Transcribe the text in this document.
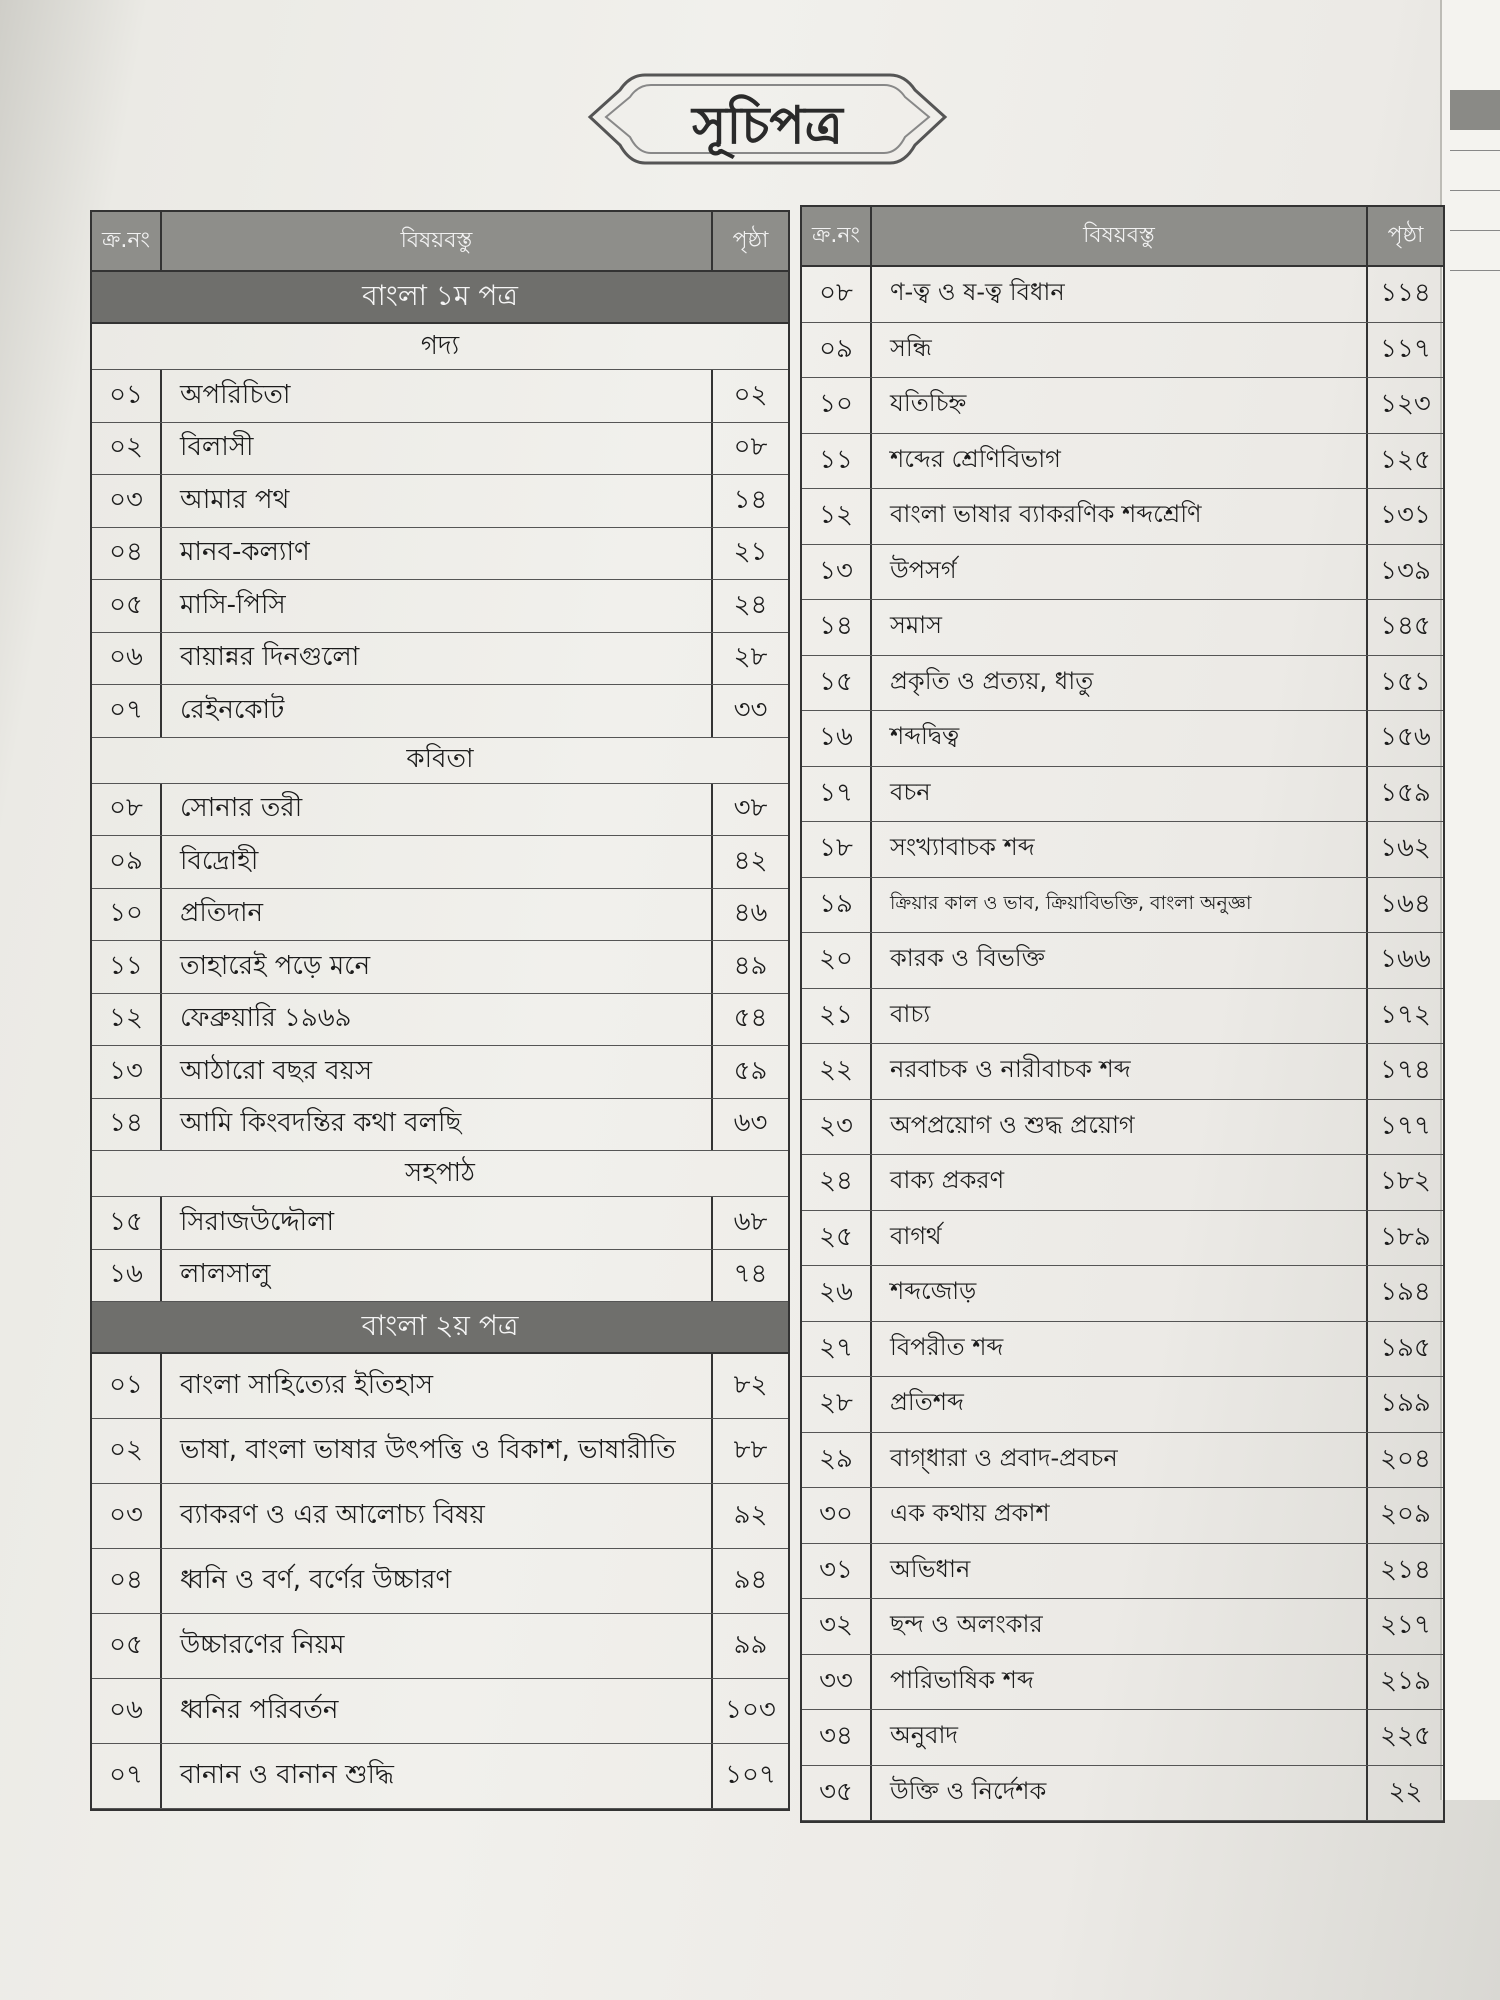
সূচিপত্র
ক্র.নং	বিষয়বস্তু	পৃষ্ঠা
বাংলা ১ম পত্র
গদ্য
০১	অপরিচিতা	০২
০২	বিলাসী	০৮
০৩	আমার পথ	১৪
০৪	মানব-কল্যাণ	২১
০৫	মাসি-পিসি	২৪
০৬	বায়ান্নর দিনগুলো	২৮
০৭	রেইনকোট	৩৩
কবিতা
০৮	সোনার তরী	৩৮
০৯	বিদ্রোহী	৪২
১০	প্রতিদান	৪৬
১১	তাহারেই পড়ে মনে	৪৯
১২	ফেব্রুয়ারি ১৯৬৯	৫৪
১৩	আঠারো বছর বয়স	৫৯
১৪	আমি কিংবদন্তির কথা বলছি	৬৩
সহপাঠ
১৫	সিরাজউদ্দৌলা	৬৮
১৬	লালসালু	৭৪
বাংলা ২য় পত্র
০১	বাংলা সাহিত্যের ইতিহাস	৮২
০২	ভাষা, বাংলা ভাষার উৎপত্তি ও বিকাশ, ভাষারীতি	৮৮
০৩	ব্যাকরণ ও এর আলোচ্য বিষয়	৯২
০৪	ধ্বনি ও বর্ণ, বর্ণের উচ্চারণ	৯৪
০৫	উচ্চারণের নিয়ম	৯৯
০৬	ধ্বনির পরিবর্তন	১০৩
০৭	বানান ও বানান শুদ্ধি	১০৭
ক্র.নং	বিষয়বস্তু	পৃষ্ঠা
০৮	ণ-ত্ব ও ষ-ত্ব বিধান	১১৪
০৯	সন্ধি	১১৭
১০	যতিচিহ্ন	১২৩
১১	শব্দের শ্রেণিবিভাগ	১২৫
১২	বাংলা ভাষার ব্যাকরণিক শব্দশ্রেণি	১৩১
১৩	উপসর্গ	১৩৯
১৪	সমাস	১৪৫
১৫	প্রকৃতি ও প্রত্যয়, ধাতু	১৫১
১৬	শব্দদ্বিত্ব	১৫৬
১৭	বচন	১৫৯
১৮	সংখ্যাবাচক শব্দ	১৬২
১৯	ক্রিয়ার কাল ও ভাব, ক্রিয়াবিভক্তি, বাংলা অনুজ্ঞা	১৬৪
২০	কারক ও বিভক্তি	১৬৬
২১	বাচ্য	১৭২
২২	নরবাচক ও নারীবাচক শব্দ	১৭৪
২৩	অপপ্রয়োগ ও শুদ্ধ প্রয়োগ	১৭৭
২৪	বাক্য প্রকরণ	১৮২
২৫	বাগর্থ	১৮৯
২৬	শব্দজোড়	১৯৪
২৭	বিপরীত শব্দ	১৯৫
২৮	প্রতিশব্দ	১৯৯
২৯	বাগ্‌ধারা ও প্রবাদ-প্রবচন	২০৪
৩০	এক কথায় প্রকাশ	২০৯
৩১	অভিধান	২১৪
৩২	ছন্দ ও অলংকার	২১৭
৩৩	পারিভাষিক শব্দ	২১৯
৩৪	অনুবাদ	২২৫
৩৫	উক্তি ও নির্দেশক	২২
